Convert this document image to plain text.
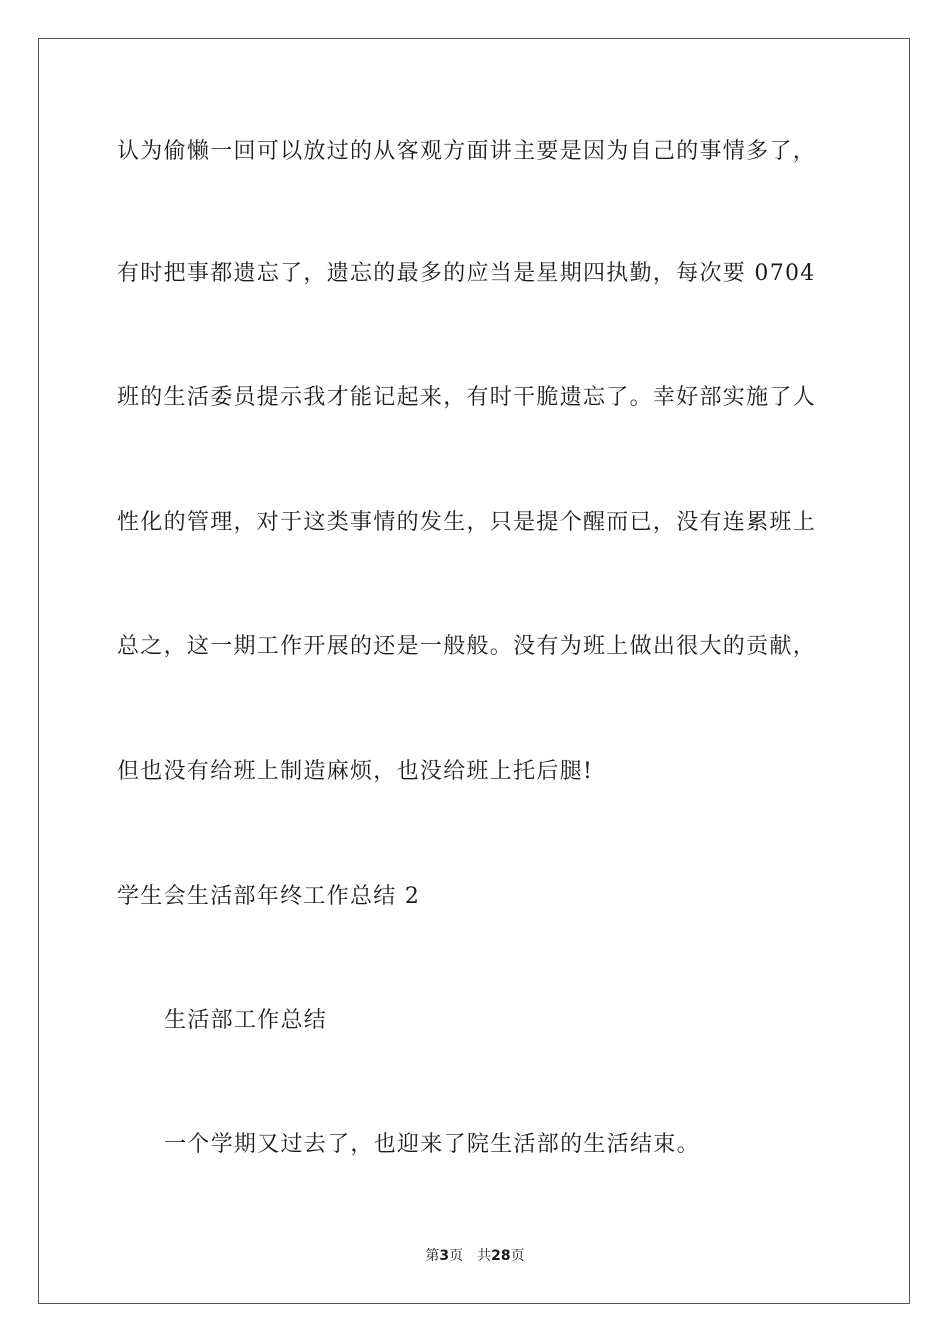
认为偷懒一回可以放过的从客观方面讲主要是因为自己的事情多了，
有时把事都遗忘了，遗忘的最多的应当是星期四执勤，每次要 0704
班的生活委员提示我才能记起来，有时干脆遗忘了。幸好部实施了人
性化的管理，对于这类事情的发生，只是提个醒而已，没有连累班上
总之，这一期工作开展的还是一般般。没有为班上做出很大的贡献，
但也没有给班上制造麻烦，也没给班上托后腿!
学生会生活部年终工作总结 2
生活部工作总结
一个学期又过去了，也迎来了院生活部的生活结束。
第3页 共28页
